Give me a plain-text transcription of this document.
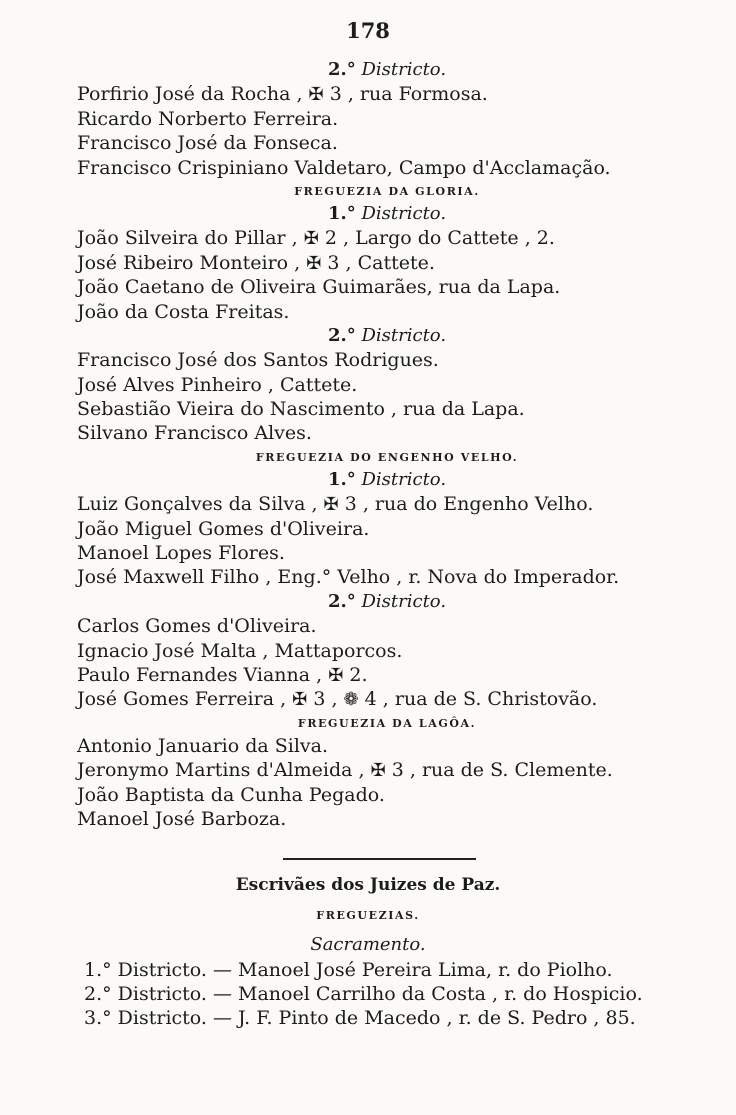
178
2.° Districto.
Porfirio José da Rocha , ✠ 3 , rua Formosa.
Ricardo Norberto Ferreira.
Francisco José da Fonseca.
Francisco Crispiniano Valdetaro, Campo d'Acclamação.
FREGUEZIA DA GLORIA.
1.° Districto.
João Silveira do Pillar , ✠ 2 , Largo do Cattete , 2.
José Ribeiro Monteiro , ✠ 3 , Cattete.
João Caetano de Oliveira Guimarães, rua da Lapa.
João da Costa Freitas.
2.° Districto.
Francisco José dos Santos Rodrigues.
José Alves Pinheiro , Cattete.
Sebastião Vieira do Nascimento , rua da Lapa.
Silvano Francisco Alves.
FREGUEZIA DO ENGENHO VELHO.
1.° Districto.
Luiz Gonçalves da Silva , ✠ 3 , rua do Engenho Velho.
João Miguel Gomes d'Oliveira.
Manoel Lopes Flores.
José Maxwell Filho , Eng.° Velho , r. Nova do Imperador.
2.° Districto.
Carlos Gomes d'Oliveira.
Ignacio José Malta , Mattaporcos.
Paulo Fernandes Vianna , ✠ 2.
José Gomes Ferreira , ✠ 3 , ❁ 4 , rua de S. Christovão.
FREGUEZIA DA LAGÔA.
Antonio Januario da Silva.
Jeronymo Martins d'Almeida , ✠ 3 , rua de S. Clemente.
João Baptista da Cunha Pegado.
Manoel José Barboza.
Escrivães dos Juizes de Paz.
FREGUEZIAS.
Sacramento.
1.° Districto. — Manoel José Pereira Lima, r. do Piolho.
2.° Districto. — Manoel Carrilho da Costa , r. do Hospicio.
3.° Districto. — J. F. Pinto de Macedo , r. de S. Pedro , 85.
